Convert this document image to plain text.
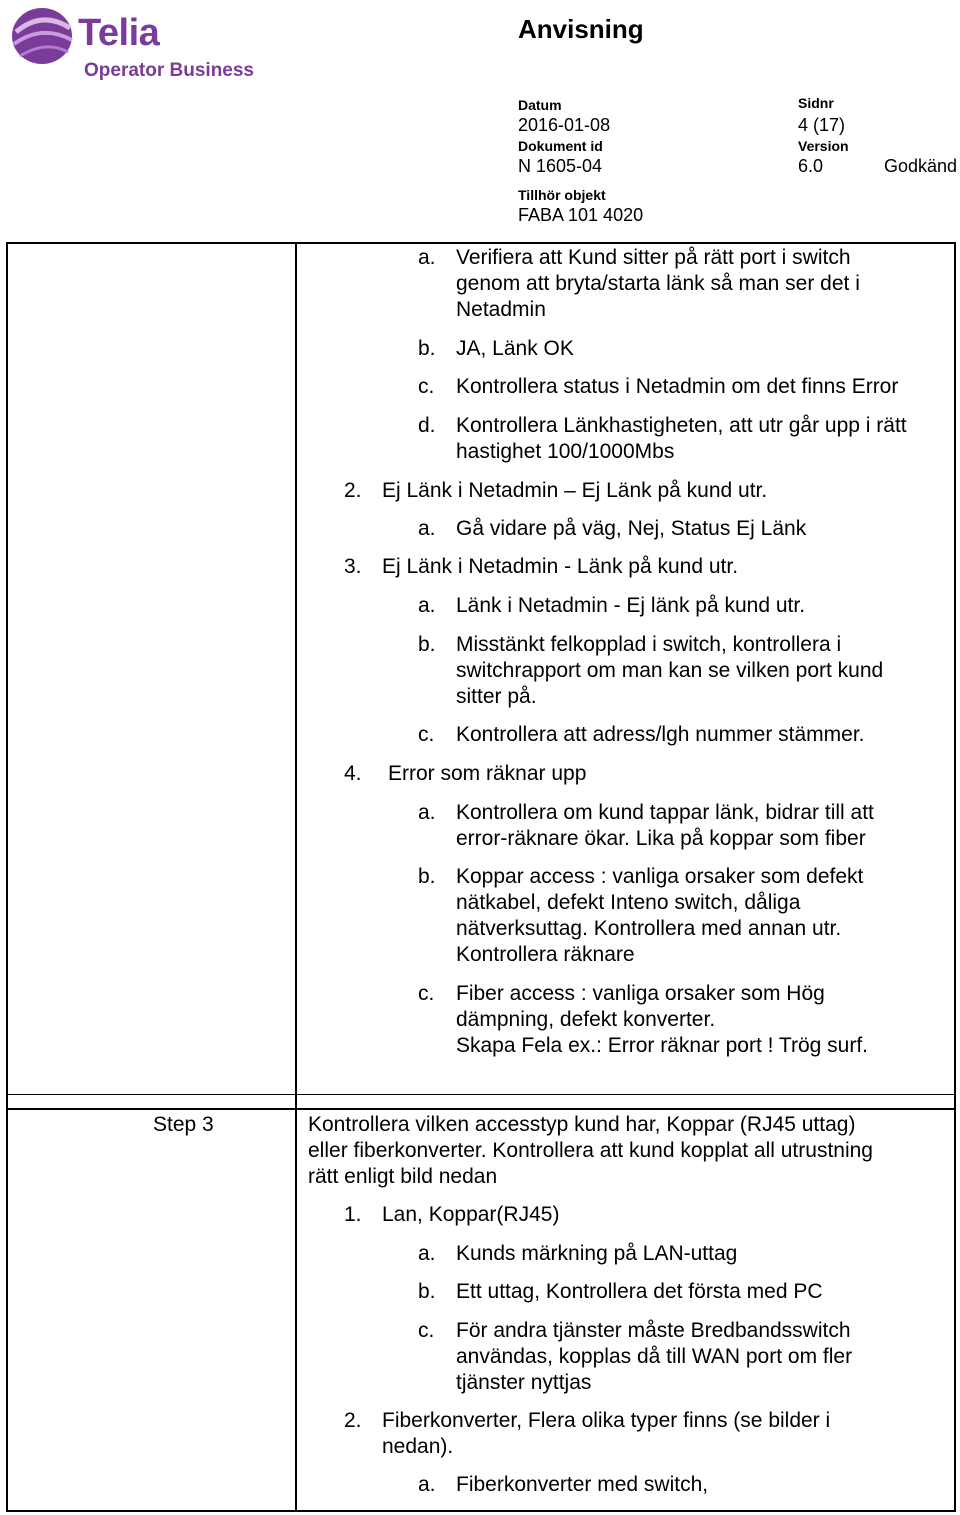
Telia
Operator Business
Anvisning
Datum
2016-01-08
Sidnr
4 (17)
Dokument id
N 1605-04
Version
6.0	Godkänd
Tillhör objekt
FABA 101 4020
a. Verifiera att Kund sitter på rätt port i switch
genom att bryta/starta länk så man ser det i
Netadmin
b. JA, Länk OK
c. Kontrollera status i Netadmin om det finns Error
d. Kontrollera Länkhastigheten, att utr går upp i rätt
hastighet 100/1000Mbs
2. Ej Länk i Netadmin – Ej Länk på kund utr.
a. Gå vidare på väg, Nej, Status Ej Länk
3. Ej Länk i Netadmin - Länk på kund utr.
a. Länk i Netadmin - Ej länk på kund utr.
b. Misstänkt felkopplad i switch, kontrollera i
switchrapport om man kan se vilken port kund
sitter på.
c. Kontrollera att adress/lgh nummer stämmer.
4. Error som räknar upp
a. Kontrollera om kund tappar länk, bidrar till att
error-räknare ökar. Lika på koppar som fiber
b. Koppar access : vanliga orsaker som defekt
nätkabel, defekt Inteno switch, dåliga
nätverksuttag. Kontrollera med annan utr.
Kontrollera räknare
c. Fiber access : vanliga orsaker som Hög
dämpning, defekt konverter.
Skapa Fela ex.: Error räknar port ! Trög surf.
Step 3	Kontrollera vilken accesstyp kund har, Koppar (RJ45 uttag)
eller fiberkonverter. Kontrollera att kund kopplat all utrustning
rätt enligt bild nedan
1. Lan, Koppar(RJ45)
a. Kunds märkning på LAN-uttag
b. Ett uttag, Kontrollera det första med PC
c. För andra tjänster måste Bredbandsswitch
användas, kopplas då till WAN port om fler
tjänster nyttjas
2. Fiberkonverter, Flera olika typer finns (se bilder i
nedan).
a. Fiberkonverter med switch,
